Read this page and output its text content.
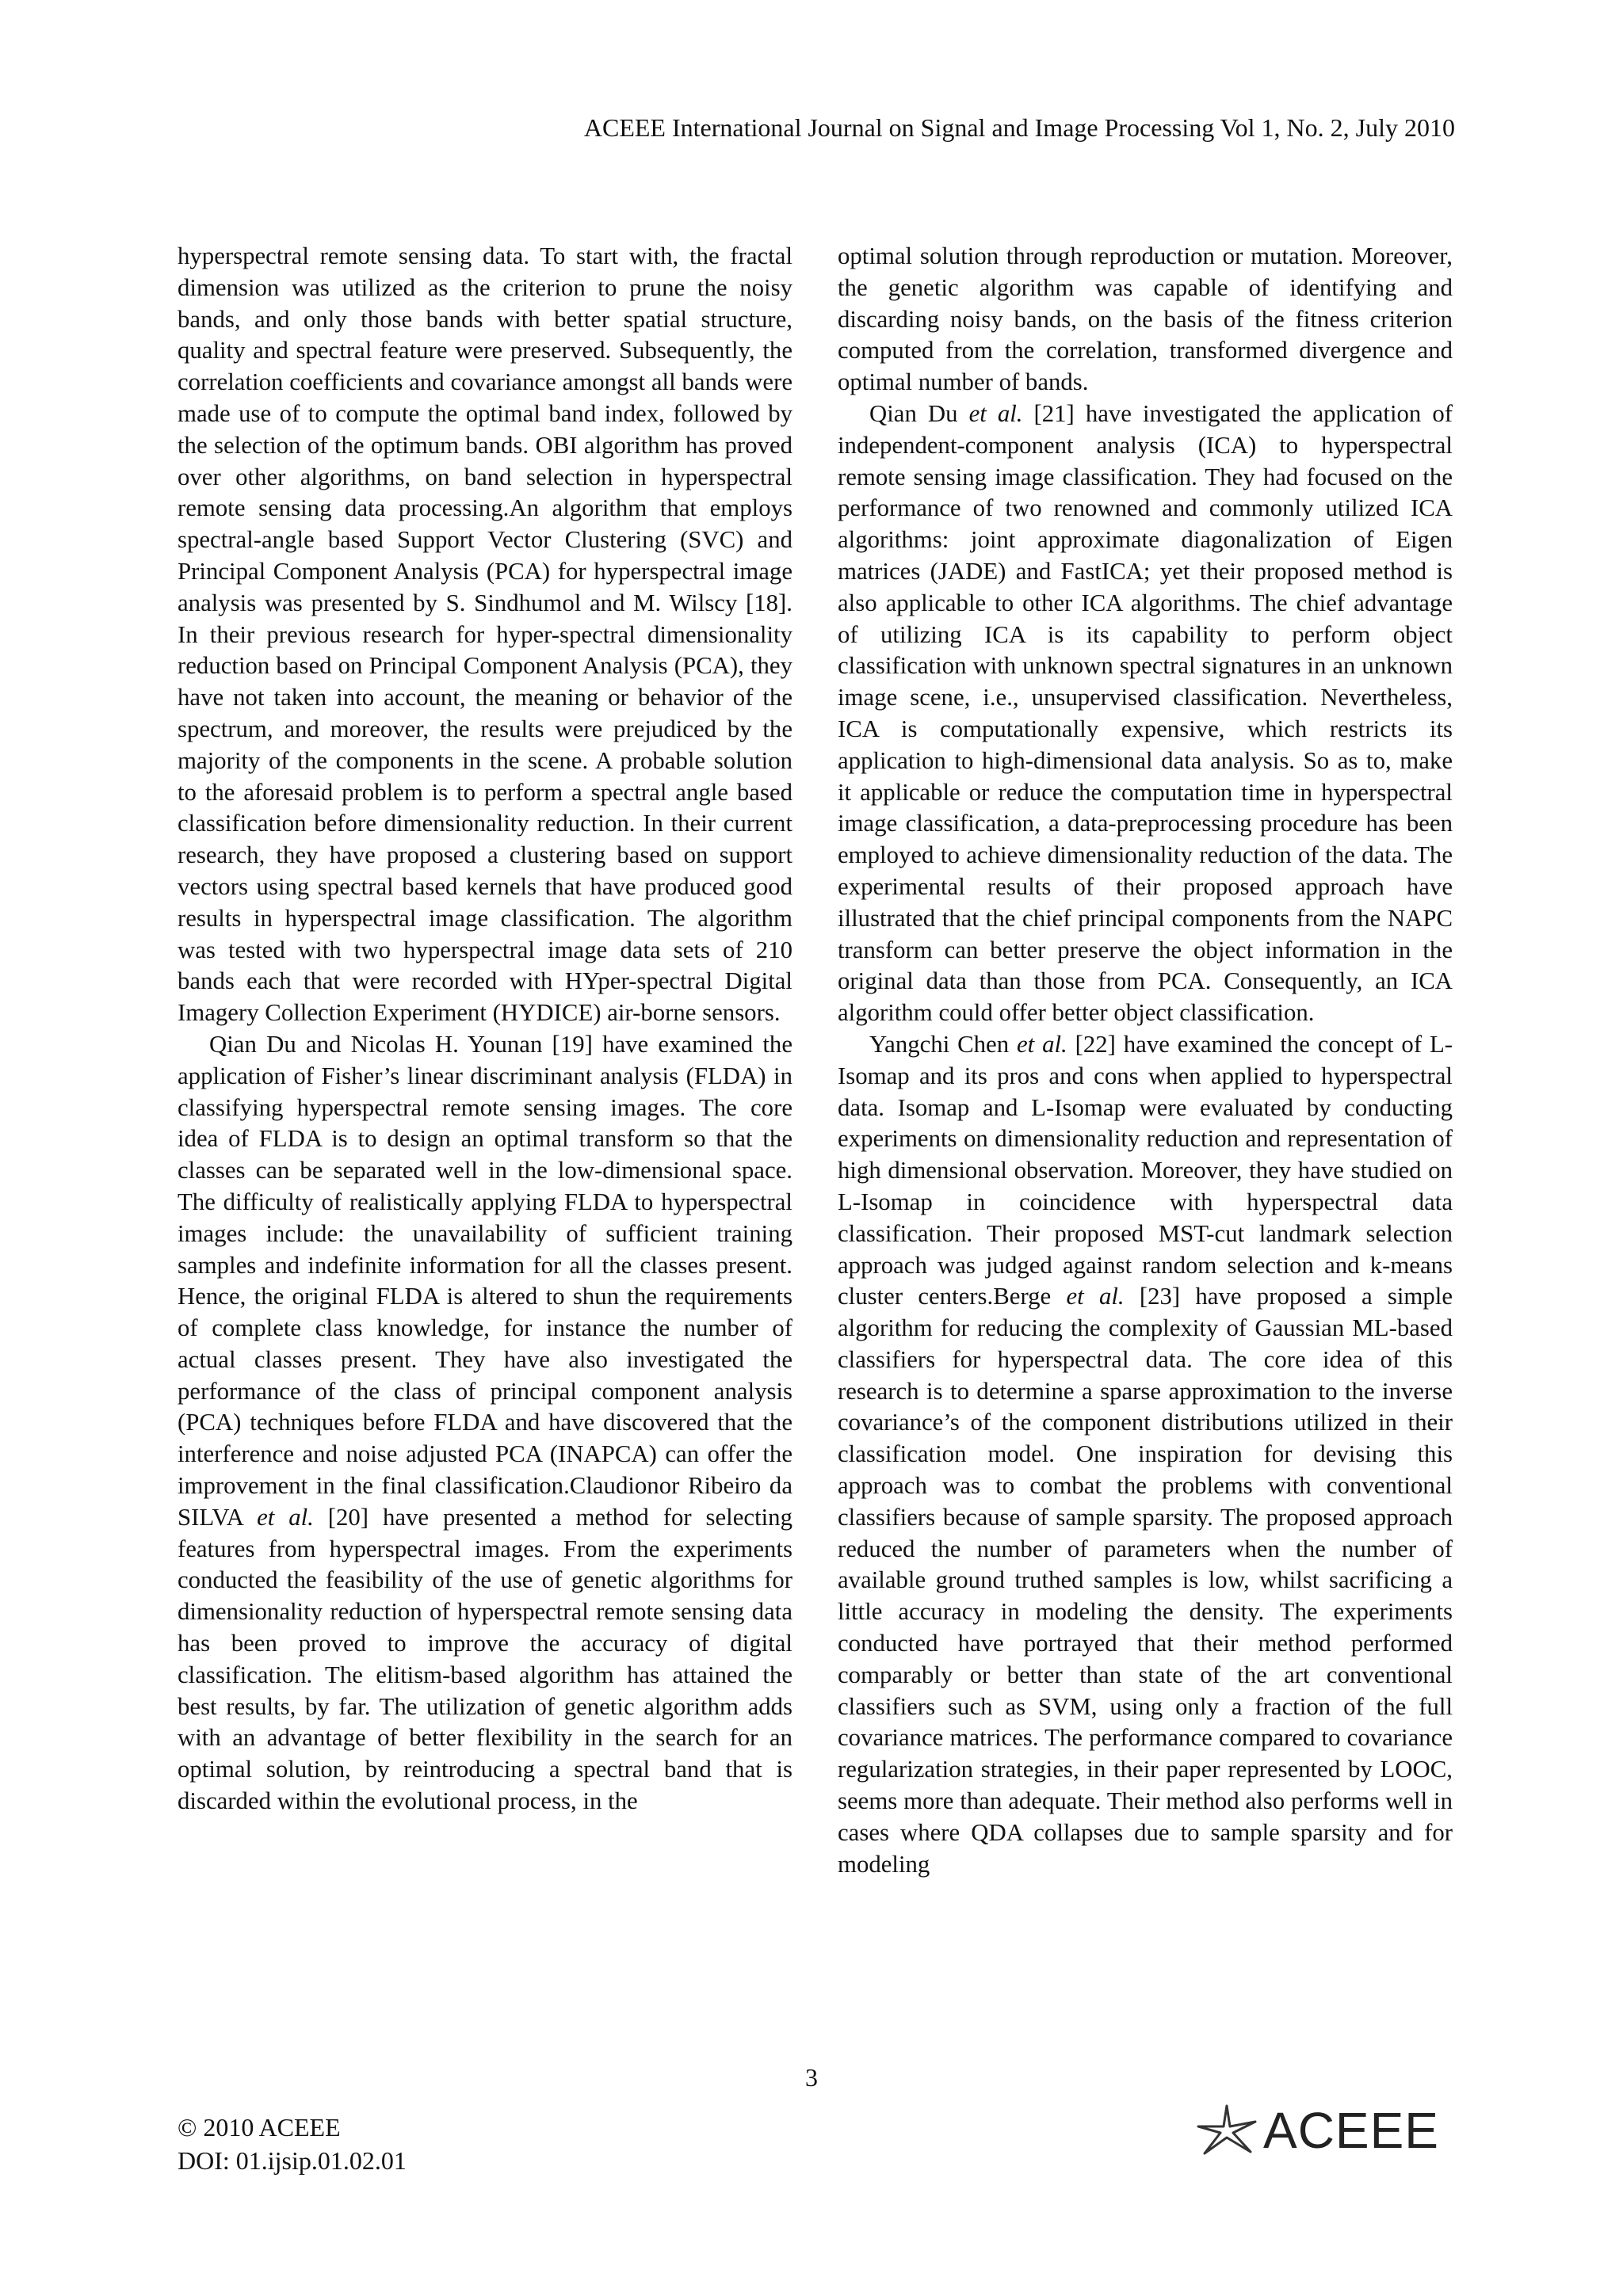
ACEEE International Journal on Signal and Image Processing Vol 1, No. 2, July 2010

hyperspectral remote sensing data. To start with, the fractal dimension was utilized as the criterion to prune the noisy bands, and only those bands with better spatial structure, quality and spectral feature were preserved. Subsequently, the correlation coefficients and covariance amongst all bands were made use of to compute the optimal band index, followed by the selection of the optimum bands. OBI algorithm has proved over other algorithms, on band selection in hyperspectral remote sensing data processing.An algorithm that employs spectral-angle based Support Vector Clustering (SVC) and Principal Component Analysis (PCA) for hyperspectral image analysis was presented by S. Sindhumol and M. Wilscy [18]. In their previous research for hyper-spectral dimensionality reduction based on Principal Component Analysis (PCA), they have not taken into account, the meaning or behavior of the spectrum, and moreover, the results were prejudiced by the majority of the components in the scene. A probable solution to the aforesaid problem is to perform a spectral angle based classification before dimensionality reduction. In their current research, they have proposed a clustering based on support vectors using spectral based kernels that have produced good results in hyperspectral image classification. The algorithm was tested with two hyperspectral image data sets of 210 bands each that were recorded with HYper-spectral Digital Imagery Collection Experiment (HYDICE) air-borne sensors.

Qian Du and Nicolas H. Younan [19] have examined the application of Fisher’s linear discriminant analysis (FLDA) in classifying hyperspectral remote sensing images. The core idea of FLDA is to design an optimal transform so that the classes can be separated well in the low-dimensional space. The difficulty of realistically applying FLDA to hyperspectral images include: the unavailability of sufficient training samples and indefinite information for all the classes present. Hence, the original FLDA is altered to shun the requirements of complete class knowledge, for instance the number of actual classes present. They have also investigated the performance of the class of principal component analysis (PCA) techniques before FLDA and have discovered that the interference and noise adjusted PCA (INAPCA) can offer the improvement in the final classification.Claudionor Ribeiro da SILVA et al. [20] have presented a method for selecting features from hyperspectral images. From the experiments conducted the feasibility of the use of genetic algorithms for dimensionality reduction of hyperspectral remote sensing data has been proved to improve the accuracy of digital classification. The elitism-based algorithm has attained the best results, by far. The utilization of genetic algorithm adds with an advantage of better flexibility in the search for an optimal solution, by reintroducing a spectral band that is discarded within the evolutional process, in the

optimal solution through reproduction or mutation. Moreover, the genetic algorithm was capable of identifying and discarding noisy bands, on the basis of the fitness criterion computed from the correlation, transformed divergence and optimal number of bands.

Qian Du et al. [21] have investigated the application of independent-component analysis (ICA) to hyperspectral remote sensing image classification. They had focused on the performance of two renowned and commonly utilized ICA algorithms: joint approximate diagonalization of Eigen matrices (JADE) and FastICA; yet their proposed method is also applicable to other ICA algorithms. The chief advantage of utilizing ICA is its capability to perform object classification with unknown spectral signatures in an unknown image scene, i.e., unsupervised classification. Nevertheless, ICA is computationally expensive, which restricts its application to high-dimensional data analysis. So as to, make it applicable or reduce the computation time in hyperspectral image classification, a data-preprocessing procedure has been employed to achieve dimensionality reduction of the data. The experimental results of their proposed approach have illustrated that the chief principal components from the NAPC transform can better preserve the object information in the original data than those from PCA. Consequently, an ICA algorithm could offer better object classification.

Yangchi Chen et al. [22] have examined the concept of L-Isomap and its pros and cons when applied to hyperspectral data. Isomap and L-Isomap were evaluated by conducting experiments on dimensionality reduction and representation of high dimensional observation. Moreover, they have studied on L-Isomap in coincidence with hyperspectral data classification. Their proposed MST-cut landmark selection approach was judged against random selection and k-means cluster centers.Berge et al. [23] have proposed a simple algorithm for reducing the complexity of Gaussian ML-based classifiers for hyperspectral data. The core idea of this research is to determine a sparse approximation to the inverse covariance’s of the component distributions utilized in their classification model. One inspiration for devising this approach was to combat the problems with conventional classifiers because of sample sparsity. The proposed approach reduced the number of parameters when the number of available ground truthed samples is low, whilst sacrificing a little accuracy in modeling the density. The experiments conducted have portrayed that their method performed comparably or better than state of the art conventional classifiers such as SVM, using only a fraction of the full covariance matrices. The performance compared to covariance regularization strategies, in their paper represented by LOOC, seems more than adequate. Their method also performs well in cases where QDA collapses due to sample sparsity and for modeling

3
© 2010 ACEEE
DOI: 01.ijsip.01.02.01
ACEEE
